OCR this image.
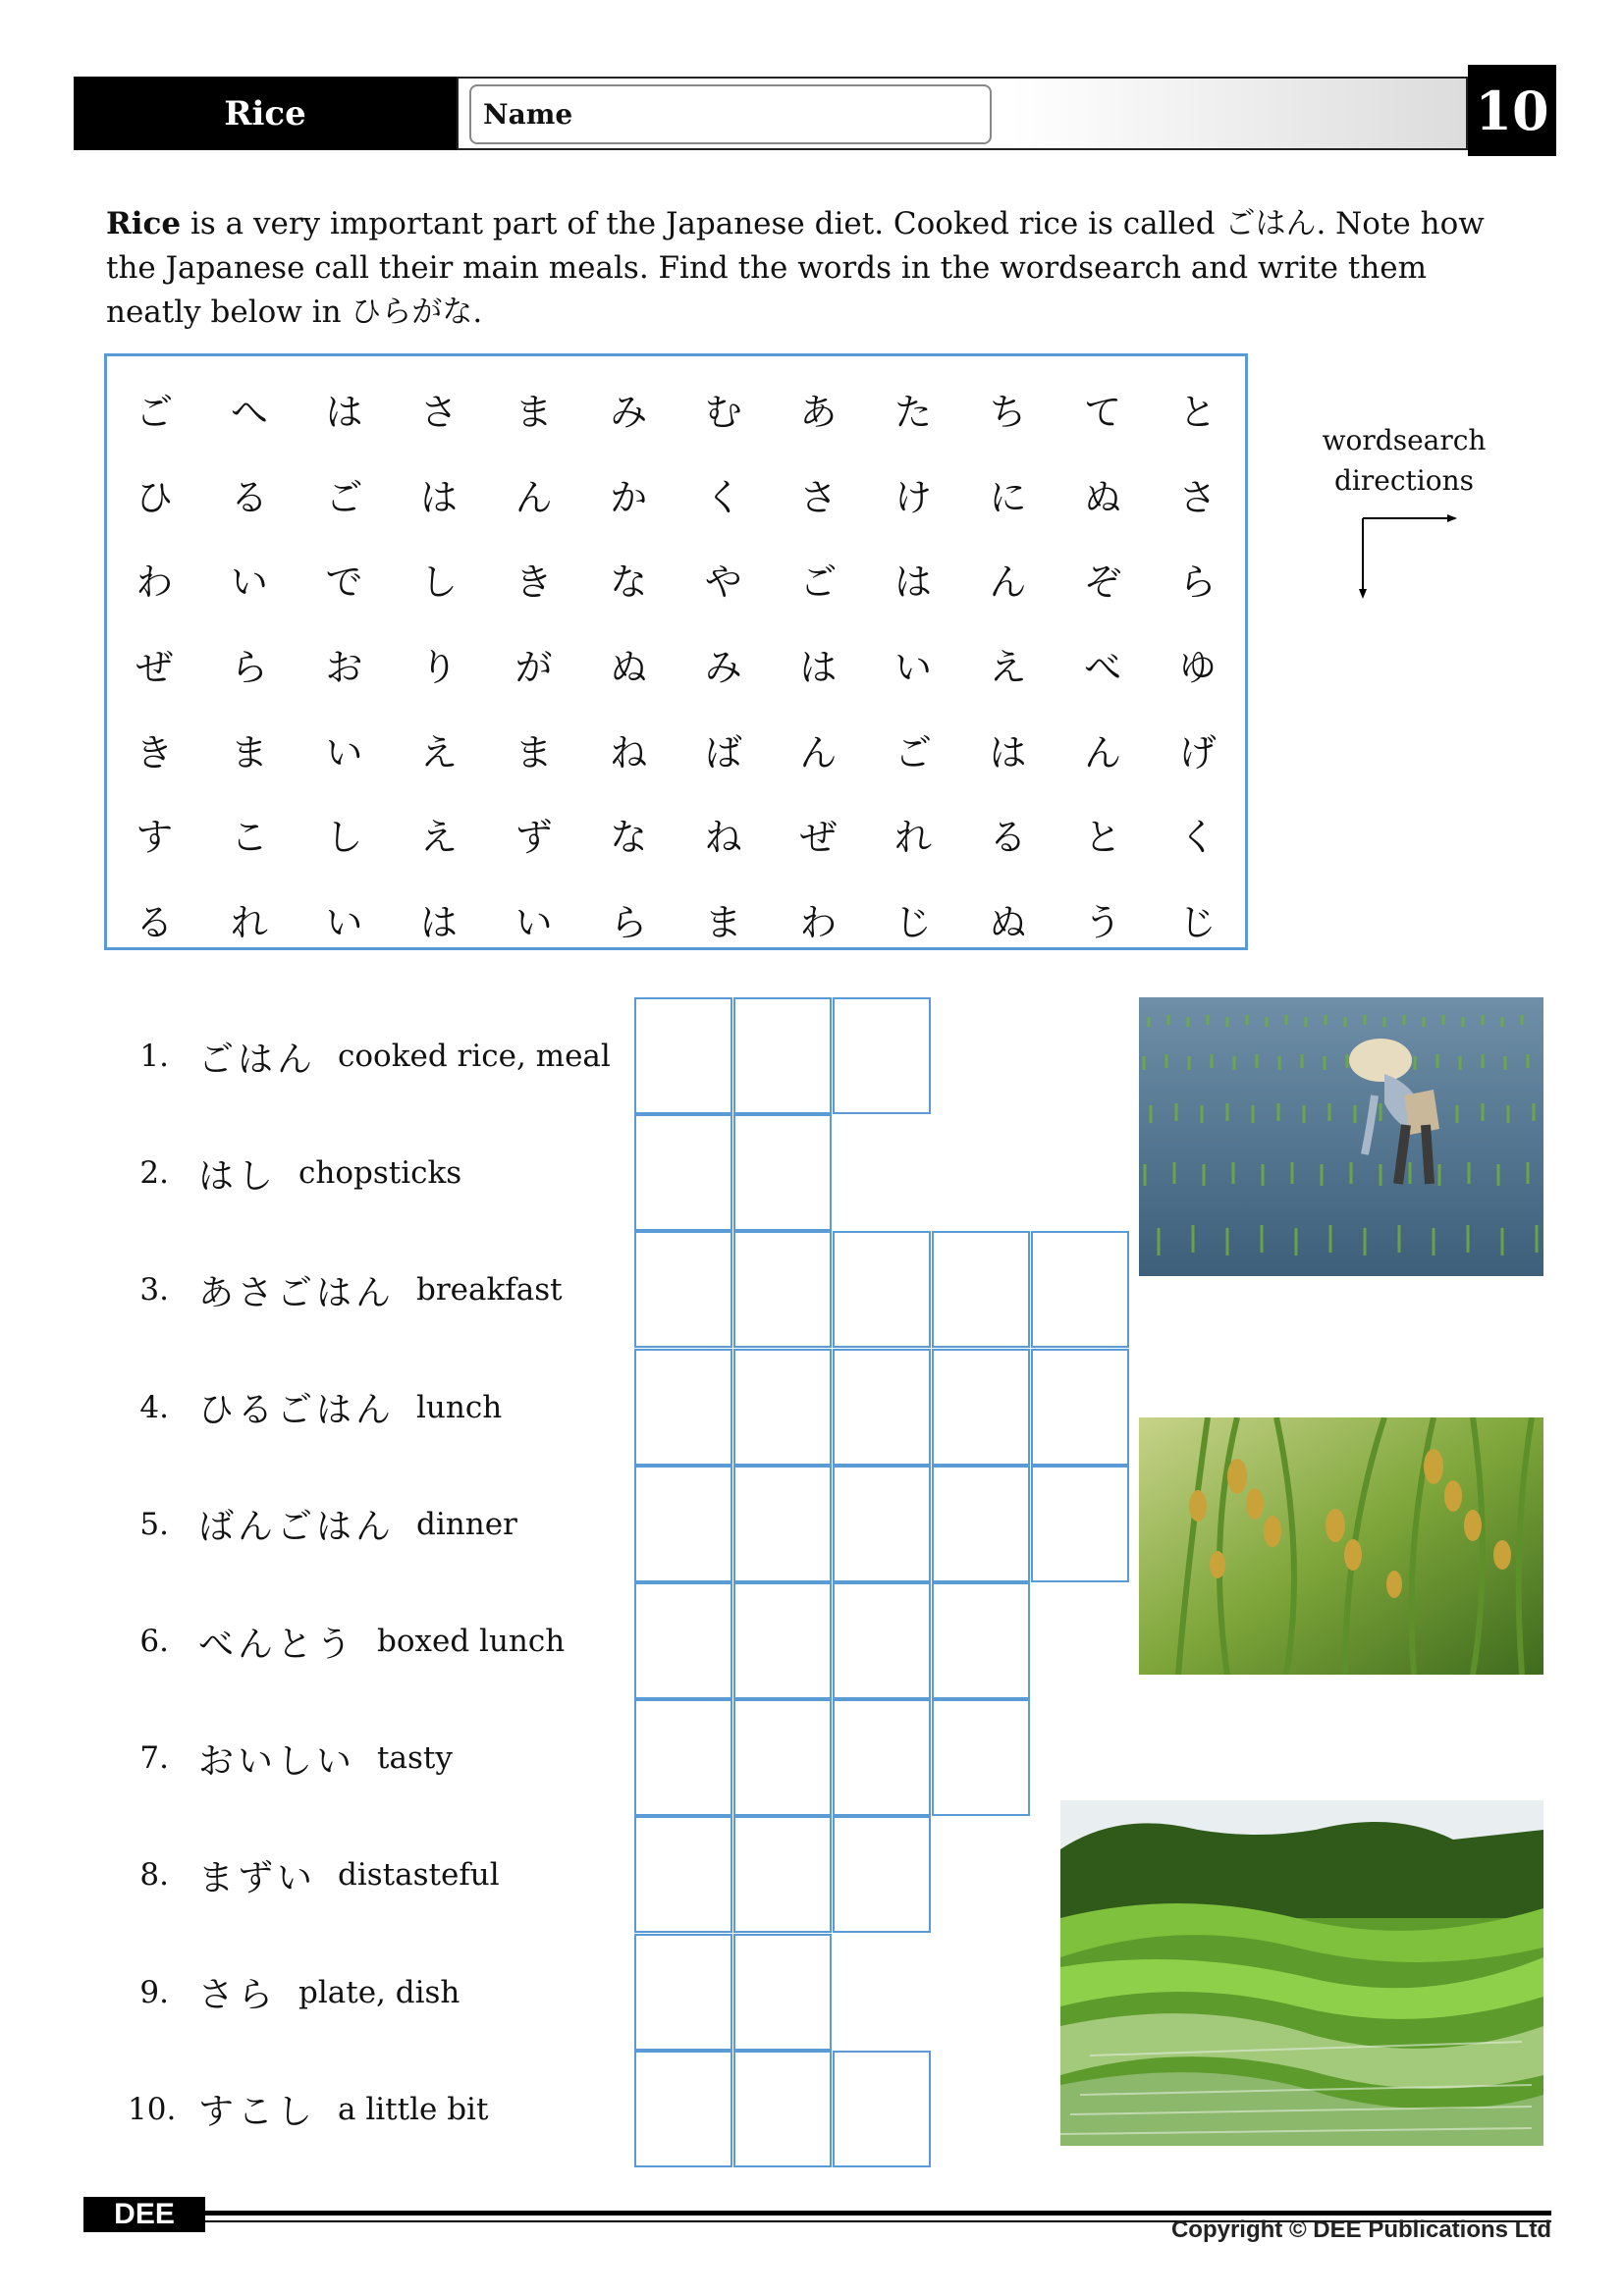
Rice	Name	10
Rice is a very important part of the Japanese diet. Cooked rice is called ごはん. Note how the Japanese call their main meals. Find the words in the wordsearch and write them neatly below in ひらがな.
ご	へ	は	さ	ま	み	む	あ	た	ち	て	と
ひ	る	ご	は	ん	か	く	さ	け	に	ぬ	さ
わ	い	で	し	き	な	や	ご	は	ん	ぞ	ら
ぜ	ら	お	り	が	ぬ	み	は	い	え	べ	ゆ
き	ま	い	え	ま	ね	ば	ん	ご	は	ん	げ
す	こ	し	え	ず	な	ね	ぜ	れ	る	と	く
る	れ	い	は	い	ら	ま	わ	じ	ぬ	う	じ
wordsearch
directions
1. ごはん cooked rice, meal
2. はし chopsticks
3. あさごはん breakfast
4. ひるごはん lunch
5. ばんごはん dinner
6. べんとう boxed lunch
7. おいしい tasty
8. まずい distasteful
9. さら plate, dish
10. すこし a little bit
DEE	Copyright © DEE Publications Ltd
